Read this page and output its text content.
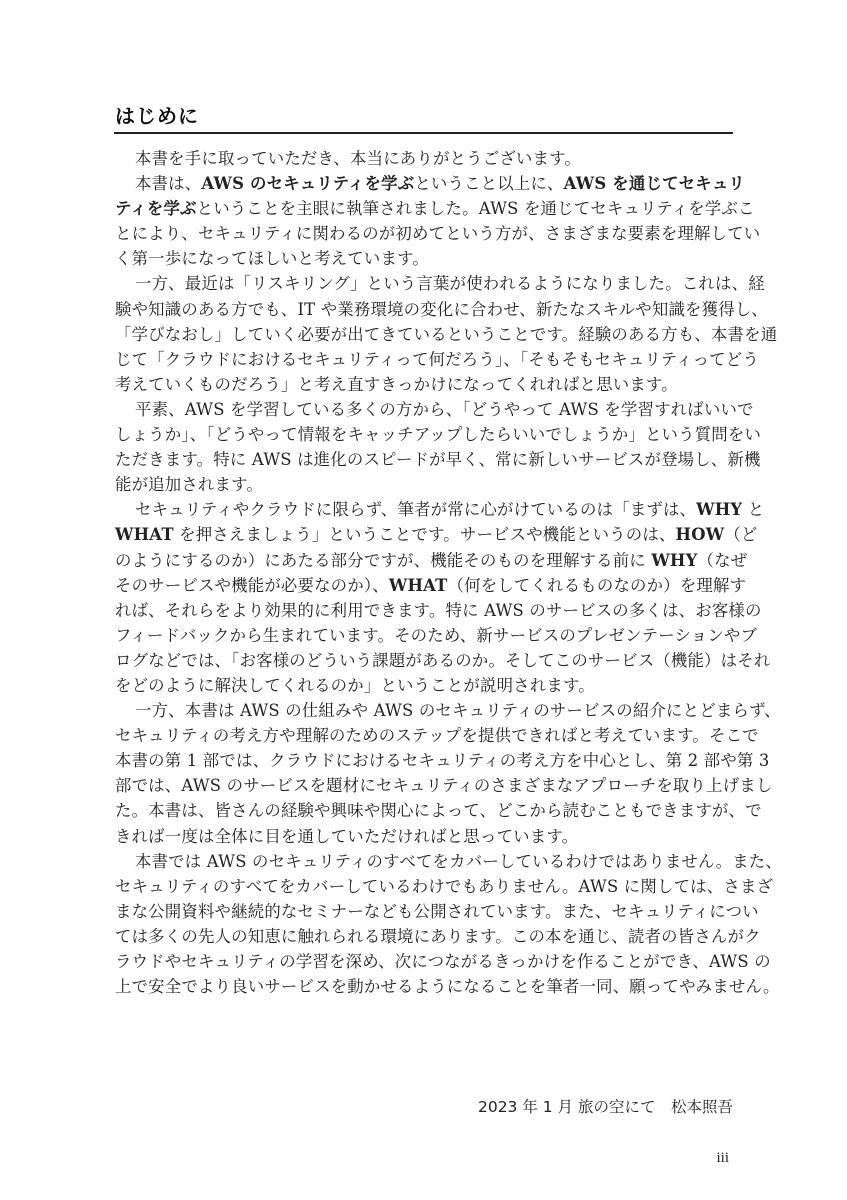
はじめに
本書を手に取っていただき、本当にありがとうございます。
本書は、AWS のセキュリティを学ぶということ以上に、AWS を通じてセキュリ
ティを学ぶということを主眼に執筆されました。AWS を通じてセキュリティを学ぶこ
とにより、セキュリティに関わるのが初めてという方が、さまざまな要素を理解してい
く第一歩になってほしいと考えています。
一方、最近は「リスキリング」という言葉が使われるようになりました。これは、経
験や知識のある方でも、IT や業務環境の変化に合わせ、新たなスキルや知識を獲得し、
「学びなおし」していく必要が出てきているということです。経験のある方も、本書を通
じて「クラウドにおけるセキュリティって何だろう」、「そもそもセキュリティってどう
考えていくものだろう」と考え直すきっかけになってくれればと思います。
平素、AWS を学習している多くの方から、「どうやって AWS を学習すればいいで
しょうか」、「どうやって情報をキャッチアップしたらいいでしょうか」という質問をい
ただきます。特に AWS は進化のスピードが早く、常に新しいサービスが登場し、新機
能が追加されます。
セキュリティやクラウドに限らず、筆者が常に心がけているのは「まずは、WHY と
WHAT を押さえましょう」ということです。サービスや機能というのは、HOW（ど
のようにするのか）にあたる部分ですが、機能そのものを理解する前に WHY（なぜ
そのサービスや機能が必要なのか）、WHAT（何をしてくれるものなのか）を理解す
れば、それらをより効果的に利用できます。特に AWS のサービスの多くは、お客様の
フィードバックから生まれています。そのため、新サービスのプレゼンテーションやブ
ログなどでは、「お客様のどういう課題があるのか。そしてこのサービス（機能）はそれ
をどのように解決してくれるのか」ということが説明されます。
一方、本書は AWS の仕組みや AWS のセキュリティのサービスの紹介にとどまらず、
セキュリティの考え方や理解のためのステップを提供できればと考えています。そこで
本書の第 1 部では、クラウドにおけるセキュリティの考え方を中心とし、第 2 部や第 3
部では、AWS のサービスを題材にセキュリティのさまざまなアプローチを取り上げまし
た。本書は、皆さんの経験や興味や関心によって、どこから読むこともできますが、で
きれば一度は全体に目を通していただければと思っています。
本書では AWS のセキュリティのすべてをカバーしているわけではありません。また、
セキュリティのすべてをカバーしているわけでもありません。AWS に関しては、さまざ
まな公開資料や継続的なセミナーなども公開されています。また、セキュリティについ
ては多くの先人の知恵に触れられる環境にあります。この本を通じ、読者の皆さんがク
ラウドやセキュリティの学習を深め、次につながるきっかけを作ることができ、AWS の
上で安全でより良いサービスを動かせるようになることを筆者一同、願ってやみません。
2023 年 1 月 旅の空にて　松本照吾
iii
